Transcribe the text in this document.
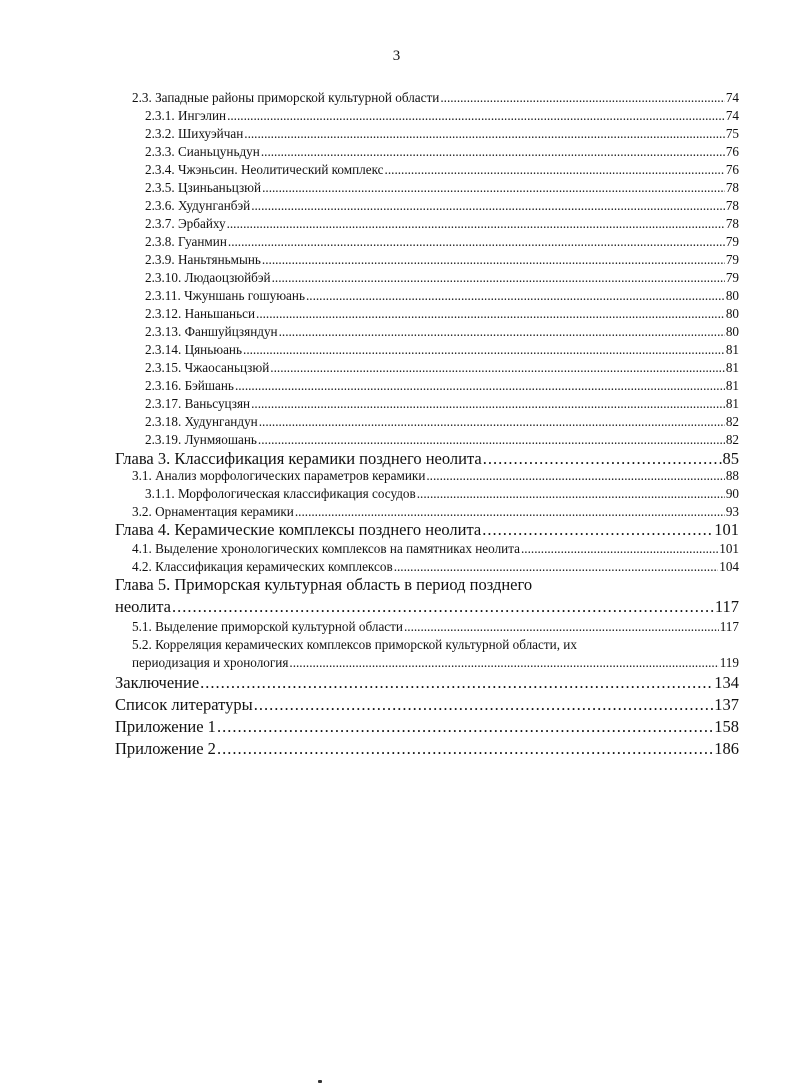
3
2.3. Западные районы приморской культурной области .....	74
2.3.1. Ингэлин .....	74
2.3.2. Шихуэйчан .....	75
2.3.3. Сианьцуньдун .....	76
2.3.4. Чжэньсин. Неолитический комплекс .....	76
2.3.5. Цзиньаньцзюй .....	78
2.3.6. Худунганбэй .....	78
2.3.7. Эрбайху .....	78
2.3.8. Гуанмин .....	79
2.3.9. Наньтяньмынь .....	79
2.3.10. Людаоцзюйбэй .....	79
2.3.11. Чжуншань гошуюань .....	80
2.3.12. Наньшаньси .....	80
2.3.13. Фаншуйцзяндун .....	80
2.3.14. Цяньюань .....	81
2.3.15. Чжаосаньцзюй .....	81
2.3.16. Бэйшань .....	81
2.3.17. Ваньсуцзян .....	81
2.3.18. Худунгандун .....	82
2.3.19. Лунмяошань .....	82
Глава 3. Классификация керамики позднего неолита .....	85
3.1. Анализ морфологических параметров керамики .....	88
3.1.1. Морфологическая классификация сосудов .....	90
3.2. Орнаментация керамики .....	93
Глава 4. Керамические комплексы позднего неолита .....	101
4.1. Выделение хронологических комплексов на памятниках неолита .....	101
4.2. Классификация керамических комплексов .....	104
Глава 5. Приморская культурная область в период позднего
неолита .....	117
5.1. Выделение приморской культурной области .....	117
5.2. Корреляция керамических комплексов приморской культурной области, их
периодизация и хронология .....	119
Заключение .....	134
Список литературы .....	137
Приложение 1 .....	158
Приложение 2 .....	186
